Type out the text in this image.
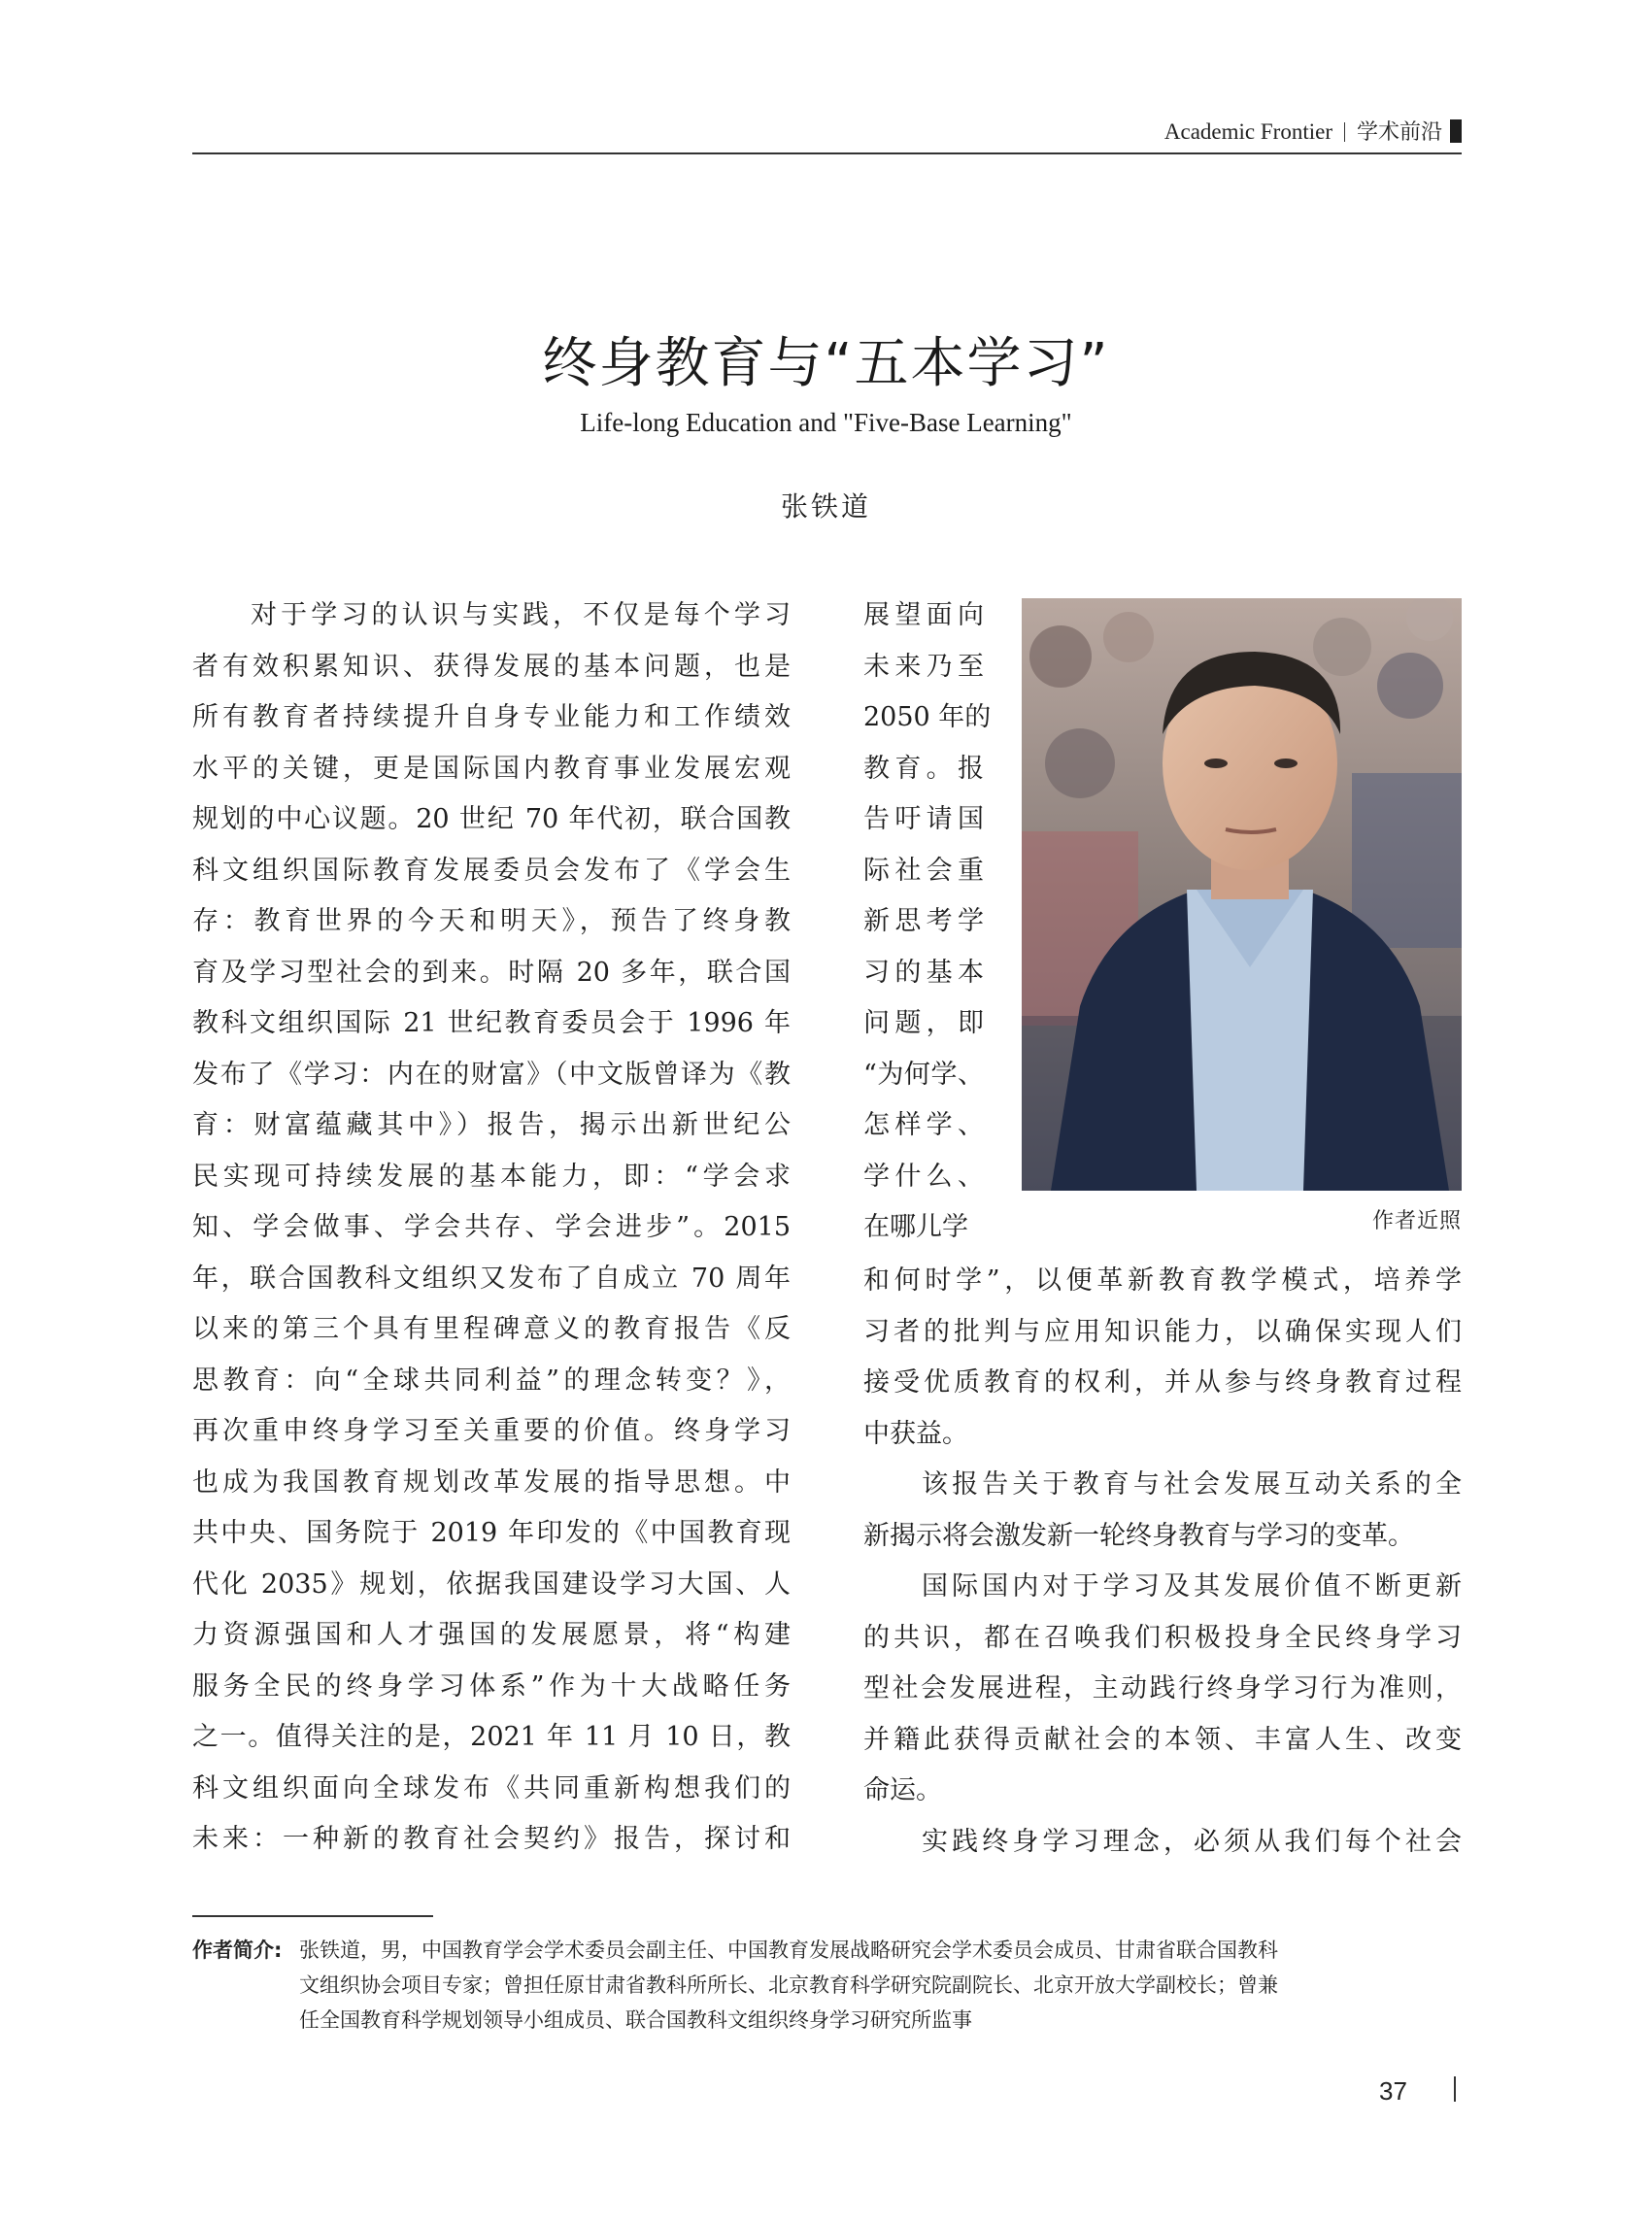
Academic Frontier 学术前沿
终身教育与“五本学习”
Life-long Education and "Five-Base Learning"
张铁道
对于学习的认识与实践，不仅是每个学习
者有效积累知识、获得发展的基本问题，也是
所有教育者持续提升自身专业能力和工作绩效
水平的关键，更是国际国内教育事业发展宏观
规划的中心议题。20 世纪 70 年代初，联合国教
科文组织国际教育发展委员会发布了《学会生
存：教育世界的今天和明天》，预告了终身教
育及学习型社会的到来。时隔 20 多年，联合国
教科文组织国际 21 世纪教育委员会于 1996 年
发布了《学习：内在的财富》（中文版曾译为《教
育：财富蕴藏其中》）报告，揭示出新世纪公
民实现可持续发展的基本能力，即：“学会求
知、学会做事、学会共存、学会进步”。2015
年，联合国教科文组织又发布了自成立 70 周年
以来的第三个具有里程碑意义的教育报告《反
思教育：向“全球共同利益”的理念转变？》，
再次重申终身学习至关重要的价值。终身学习
也成为我国教育规划改革发展的指导思想。中
共中央、国务院于 2019 年印发的《中国教育现
代化 2035》规划，依据我国建设学习大国、人
力资源强国和人才强国的发展愿景，将“构建
服务全民的终身学习体系”作为十大战略任务
之一。值得关注的是，2021 年 11 月 10 日，教
科文组织面向全球发布《共同重新构想我们的
未来：一种新的教育社会契约》报告，探讨和
展望面向
未来乃至
2050 年的
教育。报
告吁请国
际社会重
新思考学
习的基本
问题，即
“为何学、
怎样学、
学什么、
在哪儿学	作者近照
和何时学”，以便革新教育教学模式，培养学
习者的批判与应用知识能力，以确保实现人们
接受优质教育的权利，并从参与终身教育过程
中获益。
该报告关于教育与社会发展互动关系的全
新揭示将会激发新一轮终身教育与学习的变革。
国际国内对于学习及其发展价值不断更新
的共识，都在召唤我们积极投身全民终身学习
型社会发展进程，主动践行终身学习行为准则，
并籍此获得贡献社会的本领、丰富人生、改变
命运。
实践终身学习理念，必须从我们每个社会
作者简介: 张铁道，男，中国教育学会学术委员会副主任、中国教育发展战略研究会学术委员会成员、甘肃省联合国教科
文组织协会项目专家；曾担任原甘肃省教科所所长、北京教育科学研究院副院长、北京开放大学副校长；曾兼
任全国教育科学规划领导小组成员、联合国教科文组织终身学习研究所监事
37
